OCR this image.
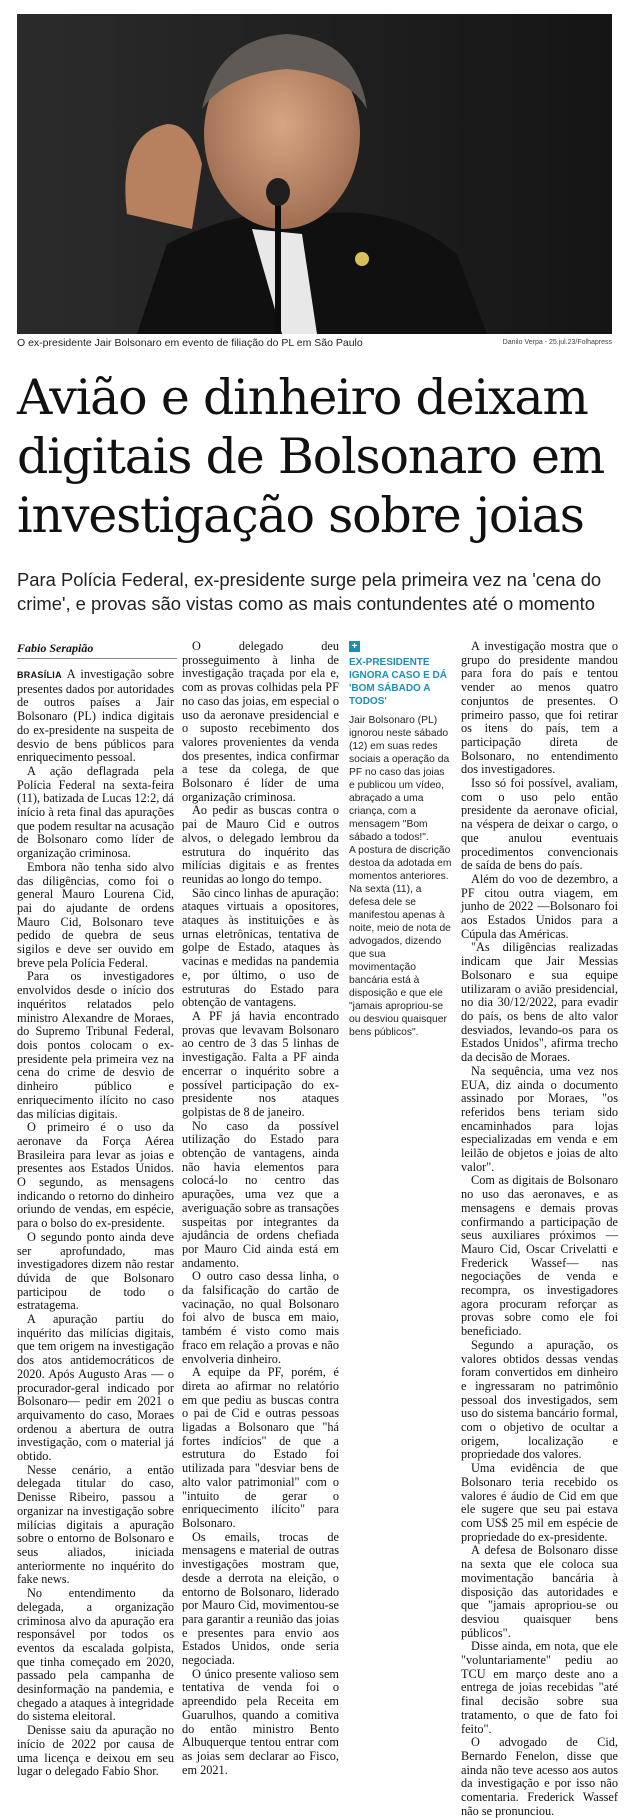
O ex-presidente Jair Bolsonaro em evento de filiação do PL em São Paulo	Danilo Verpa - 25.jul.23/Folhapress
Avião e dinheiro deixam
digitais de Bolsonaro em
investigação sobre joias
Para Polícia Federal, ex-presidente surge pela primeira vez na 'cena do
crime', e provas são vistas como as mais contundentes até o momento
Fabio Serapião

BRASÍLIA A investigação sobre presentes dados por autoridades de outros países a Jair Bolsonaro (PL) indica digitais do ex-presidente na suspeita de desvio de bens públicos para enriquecimento pessoal.

A ação deflagrada pela Polícia Federal na sexta-feira (11), batizada de Lucas 12:2, dá início à reta final das apurações que podem resultar na acusação de Bolsonaro como líder de organização criminosa.

Embora não tenha sido alvo das diligências, como foi o general Mauro Lourena Cid, pai do ajudante de ordens Mauro Cid, Bolsonaro teve pedido de quebra de seus sigilos e deve ser ouvido em breve pela Polícia Federal.

Para os investigadores envolvidos desde o início dos inquéritos relatados pelo ministro Alexandre de Moraes, do Supremo Tribunal Federal, dois pontos colocam o ex-presidente pela primeira vez na cena do crime de desvio de dinheiro público e enriquecimento ilícito no caso das milícias digitais.

O primeiro é o uso da aeronave da Força Aérea Brasileira para levar as joias e presentes aos Estados Unidos. O segundo, as mensagens indicando o retorno do dinheiro oriundo de vendas, em espécie, para o bolso do ex-presidente.

O segundo ponto ainda deve ser aprofundado, mas investigadores dizem não restar dúvida de que Bolsonaro participou de todo o estratagema.

A apuração partiu do inquérito das milícias digitais, que tem origem na investigação dos atos antidemocráticos de 2020. Após Augusto Aras — o procurador-geral indicado por Bolsonaro— pedir em 2021 o arquivamento do caso, Moraes ordenou a abertura de outra investigação, com o material já obtido.

Nesse cenário, a então delegada titular do caso, Denisse Ribeiro, passou a organizar na investigação sobre milícias digitais a apuração sobre o entorno de Bolsonaro e seus aliados, iniciada anteriormente no inquérito do fake news.

No entendimento da delegada, a organização criminosa alvo da apuração era responsável por todos os eventos da escalada golpista, que tinha começado em 2020, passado pela campanha de desinformação na pandemia, e chegado a ataques à integridade do sistema eleitoral.

Denisse saiu da apuração no início de 2022 por causa de uma licença e deixou em seu lugar o delegado Fabio Shor.

O delegado deu prosseguimento à linha de investigação traçada por ela e, com as provas colhidas pela PF no caso das joias, em especial o uso da aeronave presidencial e o suposto recebimento dos valores provenientes da venda dos presentes, indica confirmar a tese da colega, de que Bolsonaro é líder de uma organização criminosa.

Ao pedir as buscas contra o pai de Mauro Cid e outros alvos, o delegado lembrou da estrutura do inquérito das milícias digitais e as frentes reunidas ao longo do tempo.

São cinco linhas de apuração: ataques virtuais a opositores, ataques às instituições e às urnas eletrônicas, tentativa de golpe de Estado, ataques às vacinas e medidas na pandemia e, por último, o uso de estruturas do Estado para obtenção de vantagens.

A PF já havia encontrado provas que levavam Bolsonaro ao centro de 3 das 5 linhas de investigação. Falta a PF ainda encerrar o inquérito sobre a possível participação do ex-presidente nos ataques golpistas de 8 de janeiro.

No caso da possível utilização do Estado para obtenção de vantagens, ainda não havia elementos para colocá-lo no centro das apurações, uma vez que a averiguação sobre as transações suspeitas por integrantes da ajudância de ordens chefiada por Mauro Cid ainda está em andamento.

O outro caso dessa linha, o da falsificação do cartão de vacinação, no qual Bolsonaro foi alvo de busca em maio, também é visto como mais fraco em relação a provas e não envolveria dinheiro.

A equipe da PF, porém, é direta ao afirmar no relatório em que pediu as buscas contra o pai de Cid e outras pessoas ligadas a Bolsonaro que "há fortes indícios" de que a estrutura do Estado foi utilizada para "desviar bens de alto valor patrimonial" com o "intuito de gerar o enriquecimento ilícito" para Bolsonaro.

Os emails, trocas de mensagens e material de outras investigações mostram que, desde a derrota na eleição, o entorno de Bolsonaro, liderado por Mauro Cid, movimentou-se para garantir a reunião das joias e presentes para envio aos Estados Unidos, onde seria negociada.

O único presente valioso sem tentativa de venda foi o apreendido pela Receita em Guarulhos, quando a comitiva do então ministro Bento Albuquerque tentou entrar com as joias sem declarar ao Fisco, em 2021.

+
EX-PRESIDENTE IGNORA CASO E DÁ 'BOM SÁBADO A TODOS'

Jair Bolsonaro (PL) ignorou neste sábado (12) em suas redes sociais a operação da PF no caso das joias e publicou um vídeo, abraçado a uma criança, com a mensagem "Bom sábado a todos!".

A postura de discrição destoa da adotada em momentos anteriores.

Na sexta (11), a defesa dele se manifestou apenas à noite, meio de nota de advogados, dizendo que sua movimentação bancária está à disposição e que ele "jamais apropriou-se ou desviou quaisquer bens públicos".

A investigação mostra que o grupo do presidente mandou para fora do país e tentou vender ao menos quatro conjuntos de presentes. O primeiro passo, que foi retirar os itens do país, tem a participação direta de Bolsonaro, no entendimento dos investigadores.

Isso só foi possível, avaliam, com o uso pelo então presidente da aeronave oficial, na véspera de deixar o cargo, o que anulou eventuais procedimentos convencionais de saída de bens do país.

Além do voo de dezembro, a PF citou outra viagem, em junho de 2022 —Bolsonaro foi aos Estados Unidos para a Cúpula das Américas.

"As diligências realizadas indicam que Jair Messias Bolsonaro e sua equipe utilizaram o avião presidencial, no dia 30/12/2022, para evadir do país, os bens de alto valor desviados, levando-os para os Estados Unidos", afirma trecho da decisão de Moraes.

Na sequência, uma vez nos EUA, diz ainda o documento assinado por Moraes, "os referidos bens teriam sido encaminhados para lojas especializadas em venda e em leilão de objetos e joias de alto valor".

Com as digitais de Bolsonaro no uso das aeronaves, e as mensagens e demais provas confirmando a participação de seus auxiliares próximos — Mauro Cid, Oscar Crivelatti e Frederick Wassef— nas negociações de venda e recompra, os investigadores agora procuram reforçar as provas sobre como ele foi beneficiado.

Segundo a apuração, os valores obtidos dessas vendas foram convertidos em dinheiro e ingressaram no patrimônio pessoal dos investigados, sem uso do sistema bancário formal, com o objetivo de ocultar a origem, localização e propriedade dos valores.

Uma evidência de que Bolsonaro teria recebido os valores é áudio de Cid em que ele sugere que seu pai estava com US$ 25 mil em espécie de propriedade do ex-presidente.

A defesa de Bolsonaro disse na sexta que ele coloca sua movimentação bancária à disposição das autoridades e que "jamais apropriou-se ou desviou quaisquer bens públicos".

Disse ainda, em nota, que ele "voluntariamente" pediu ao TCU em março deste ano a entrega de joias recebidas "até final decisão sobre sua tratamento, o que de fato foi feito".

O advogado de Cid, Bernardo Fenelon, disse que ainda não teve acesso aos autos da investigação e por isso não comentaria. Frederick Wassef não se pronunciou.
